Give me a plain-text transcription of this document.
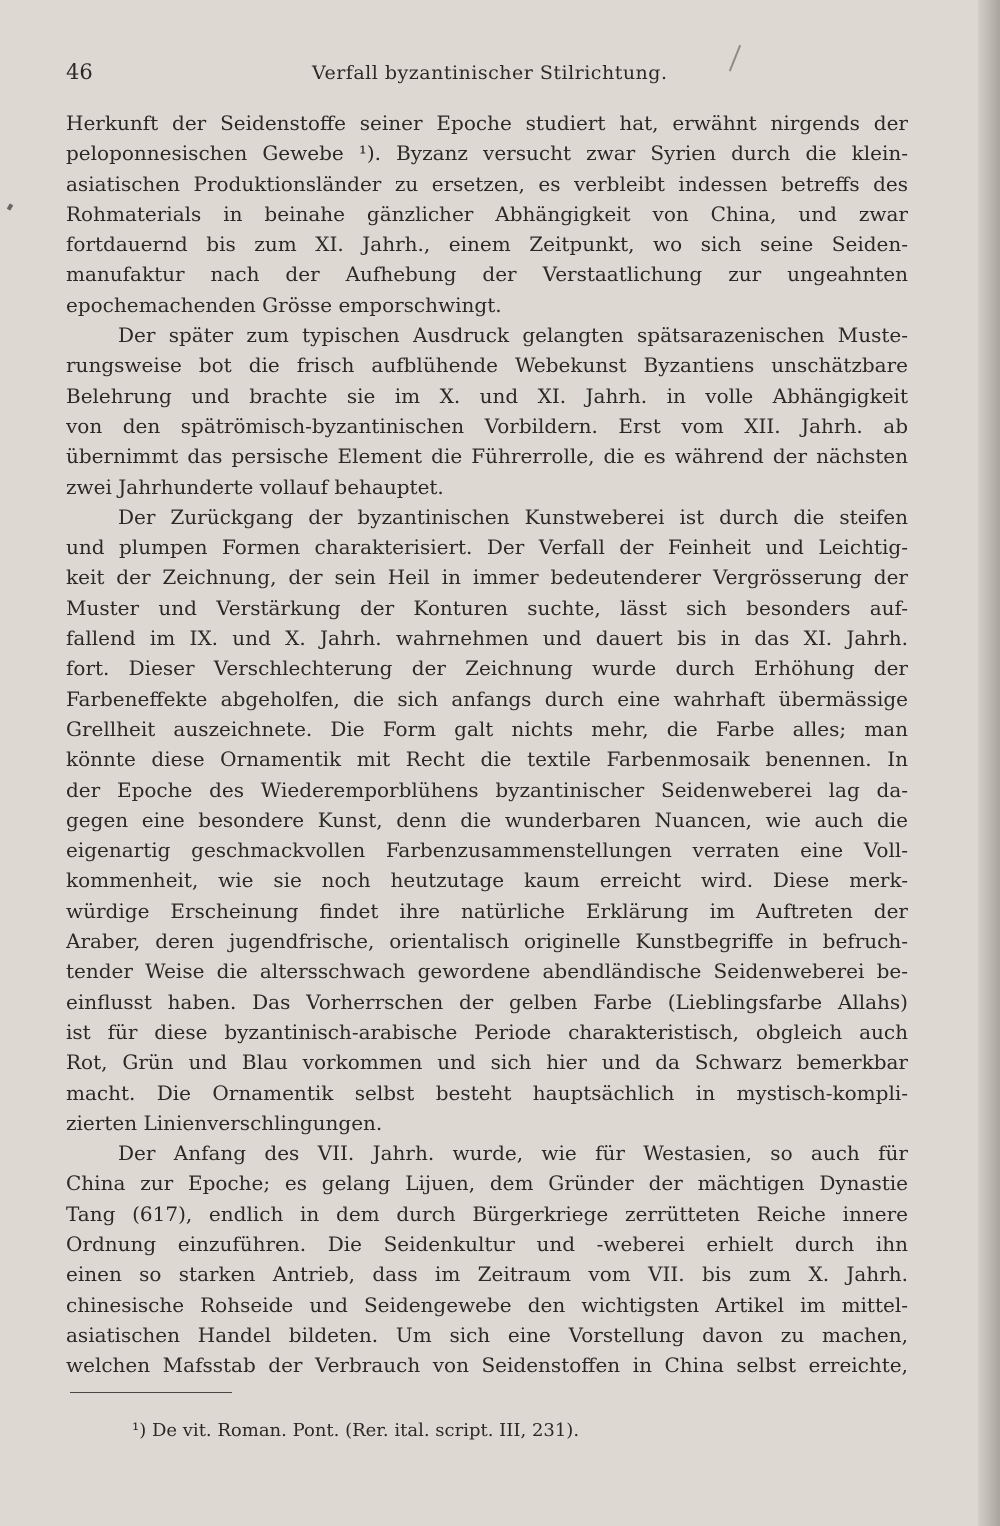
46	Verfall byzantinischer Stilrichtung.
Herkunft der Seidenstoffe seiner Epoche studiert hat, erwähnt nirgends der
peloponnesischen Gewebe ¹). Byzanz versucht zwar Syrien durch die klein-
asiatischen Produktionsländer zu ersetzen, es verbleibt indessen betreffs des
Rohmaterials in beinahe gänzlicher Abhängigkeit von China, und zwar
fortdauernd bis zum XI. Jahrh., einem Zeitpunkt, wo sich seine Seiden-
manufaktur nach der Aufhebung der Verstaatlichung zur ungeahnten
epochemachenden Grösse emporschwingt.
Der später zum typischen Ausdruck gelangten spätsarazenischen Muste-
rungsweise bot die frisch aufblühende Webekunst Byzantiens unschätzbare
Belehrung und brachte sie im X. und XI. Jahrh. in volle Abhängigkeit
von den spätrömisch-byzantinischen Vorbildern. Erst vom XII. Jahrh. ab
übernimmt das persische Element die Führerrolle, die es während der nächsten
zwei Jahrhunderte vollauf behauptet.
Der Zurückgang der byzantinischen Kunstweberei ist durch die steifen
und plumpen Formen charakterisiert. Der Verfall der Feinheit und Leichtig-
keit der Zeichnung, der sein Heil in immer bedeutenderer Vergrösserung der
Muster und Verstärkung der Konturen suchte, lässt sich besonders auf-
fallend im IX. und X. Jahrh. wahrnehmen und dauert bis in das XI. Jahrh.
fort. Dieser Verschlechterung der Zeichnung wurde durch Erhöhung der
Farbeneffekte abgeholfen, die sich anfangs durch eine wahrhaft übermässige
Grellheit auszeichnete. Die Form galt nichts mehr, die Farbe alles; man
könnte diese Ornamentik mit Recht die textile Farbenmosaik benennen. In
der Epoche des Wiederemporblühens byzantinischer Seidenweberei lag da-
gegen eine besondere Kunst, denn die wunderbaren Nuancen, wie auch die
eigenartig geschmackvollen Farbenzusammenstellungen verraten eine Voll-
kommenheit, wie sie noch heutzutage kaum erreicht wird. Diese merk-
würdige Erscheinung findet ihre natürliche Erklärung im Auftreten der
Araber, deren jugendfrische, orientalisch originelle Kunstbegriffe in befruch-
tender Weise die altersschwach gewordene abendländische Seidenweberei be-
einflusst haben. Das Vorherrschen der gelben Farbe (Lieblingsfarbe Allahs)
ist für diese byzantinisch-arabische Periode charakteristisch, obgleich auch
Rot, Grün und Blau vorkommen und sich hier und da Schwarz bemerkbar
macht. Die Ornamentik selbst besteht hauptsächlich in mystisch-kompli-
zierten Linienverschlingungen.
Der Anfang des VII. Jahrh. wurde, wie für Westasien, so auch für
China zur Epoche; es gelang Lijuen, dem Gründer der mächtigen Dynastie
Tang (617), endlich in dem durch Bürgerkriege zerrütteten Reiche innere
Ordnung einzuführen. Die Seidenkultur und -weberei erhielt durch ihn
einen so starken Antrieb, dass im Zeitraum vom VII. bis zum X. Jahrh.
chinesische Rohseide und Seidengewebe den wichtigsten Artikel im mittel-
asiatischen Handel bildeten. Um sich eine Vorstellung davon zu machen,
welchen Mafsstab der Verbrauch von Seidenstoffen in China selbst erreichte,
¹) De vit. Roman. Pont. (Rer. ital. script. III, 231).
